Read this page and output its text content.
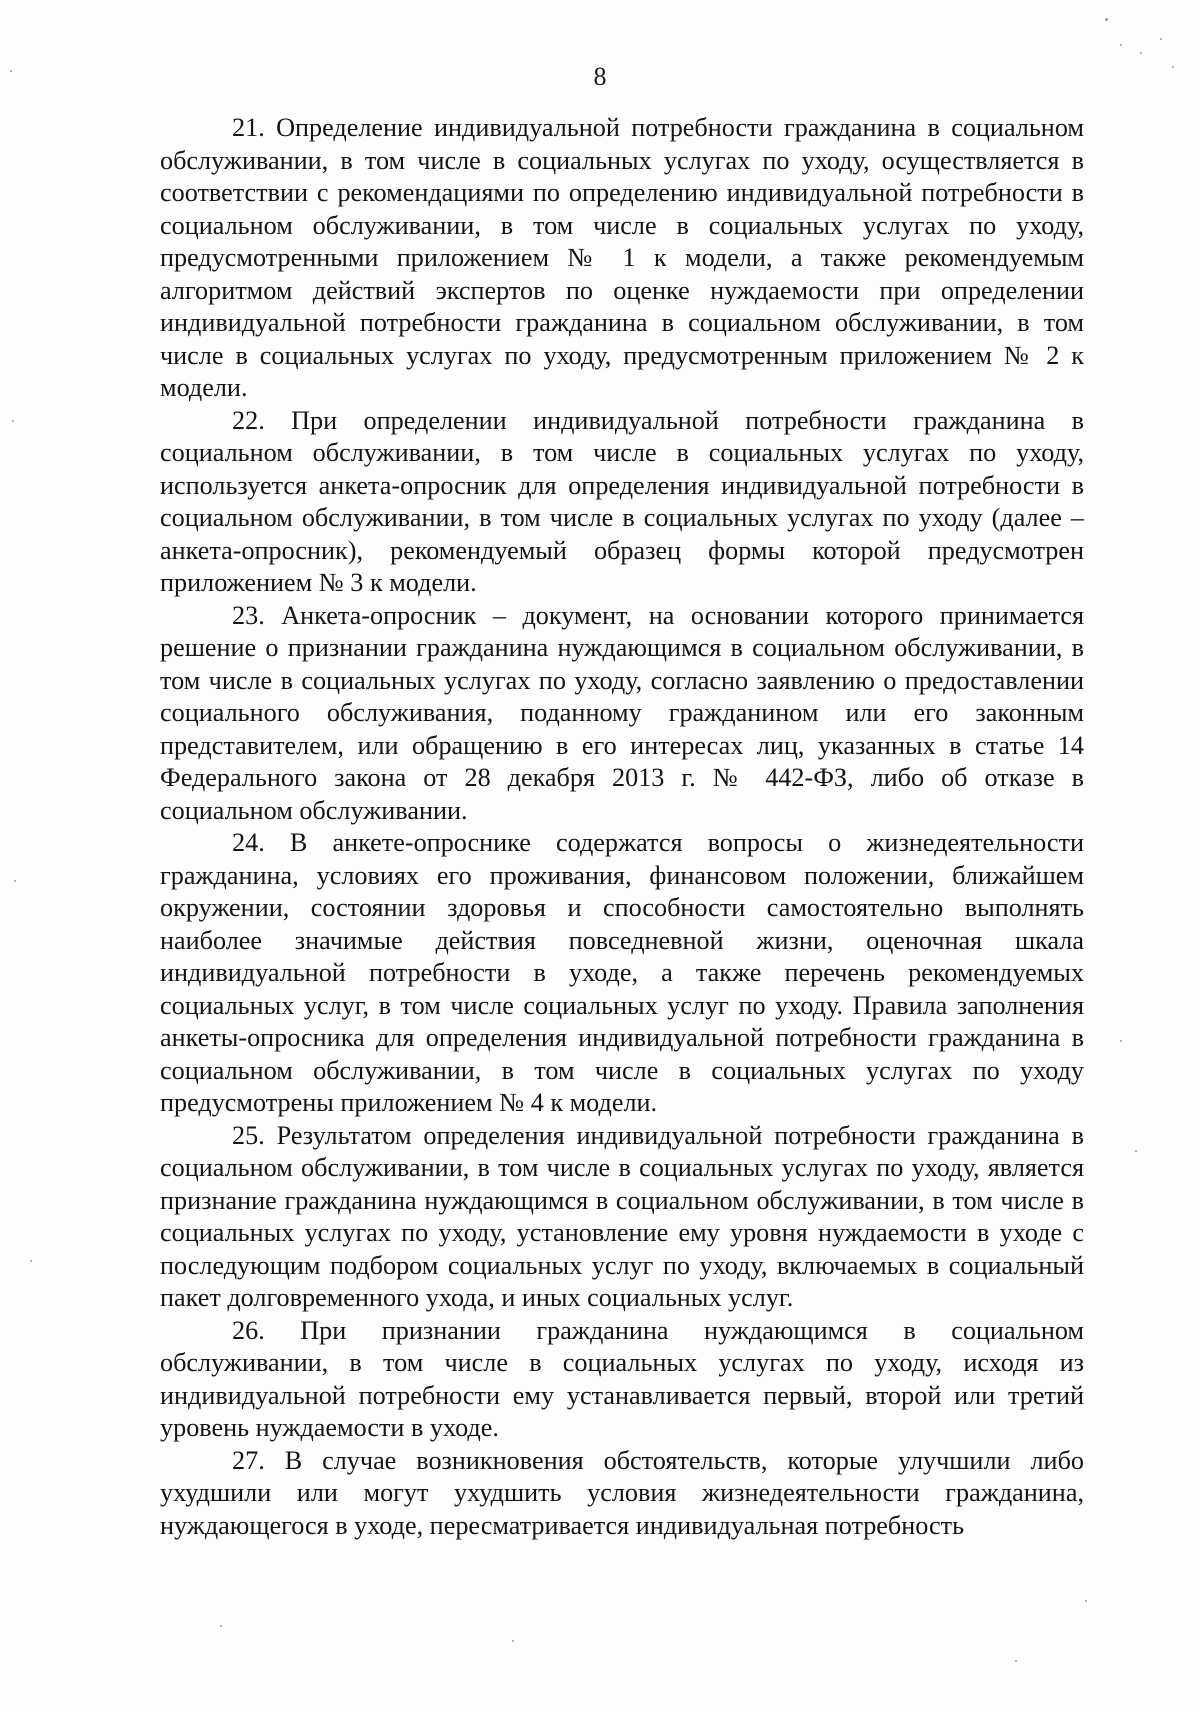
8

21. Определение индивидуальной потребности гражданина в социальном обслуживании, в том числе в социальных услугах по уходу, осуществляется в соответствии с рекомендациями по определению индивидуальной потребности в социальном обслуживании, в том числе в социальных услугах по уходу, предусмотренными приложением № 1 к модели, а также рекомендуемым алгоритмом действий экспертов по оценке нуждаемости при определении индивидуальной потребности гражданина в социальном обслуживании, в том числе в социальных услугах по уходу, предусмотренным приложением № 2 к модели.

22. При определении индивидуальной потребности гражданина в социальном обслуживании, в том числе в социальных услугах по уходу, используется анкета-опросник для определения индивидуальной потребности в социальном обслуживании, в том числе в социальных услугах по уходу (далее – анкета-опросник), рекомендуемый образец формы которой предусмотрен приложением № 3 к модели.

23. Анкета-опросник – документ, на основании которого принимается решение о признании гражданина нуждающимся в социальном обслуживании, в том числе в социальных услугах по уходу, согласно заявлению о предоставлении социального обслуживания, поданному гражданином или его законным представителем, или обращению в его интересах лиц, указанных в статье 14 Федерального закона от 28 декабря 2013 г. № 442-ФЗ, либо об отказе в социальном обслуживании.

24. В анкете-опроснике содержатся вопросы о жизнедеятельности гражданина, условиях его проживания, финансовом положении, ближайшем окружении, состоянии здоровья и способности самостоятельно выполнять наиболее значимые действия повседневной жизни, оценочная шкала индивидуальной потребности в уходе, а также перечень рекомендуемых социальных услуг, в том числе социальных услуг по уходу. Правила заполнения анкеты-опросника для определения индивидуальной потребности гражданина в социальном обслуживании, в том числе в социальных услугах по уходу предусмотрены приложением № 4 к модели.

25. Результатом определения индивидуальной потребности гражданина в социальном обслуживании, в том числе в социальных услугах по уходу, является признание гражданина нуждающимся в социальном обслуживании, в том числе в социальных услугах по уходу, установление ему уровня нуждаемости в уходе с последующим подбором социальных услуг по уходу, включаемых в социальный пакет долговременного ухода, и иных социальных услуг.

26. При признании гражданина нуждающимся в социальном обслуживании, в том числе в социальных услугах по уходу, исходя из индивидуальной потребности ему устанавливается первый, второй или третий уровень нуждаемости в уходе.

27. В случае возникновения обстоятельств, которые улучшили либо ухудшили или могут ухудшить условия жизнедеятельности гражданина, нуждающегося в уходе, пересматривается индивидуальная потребность
